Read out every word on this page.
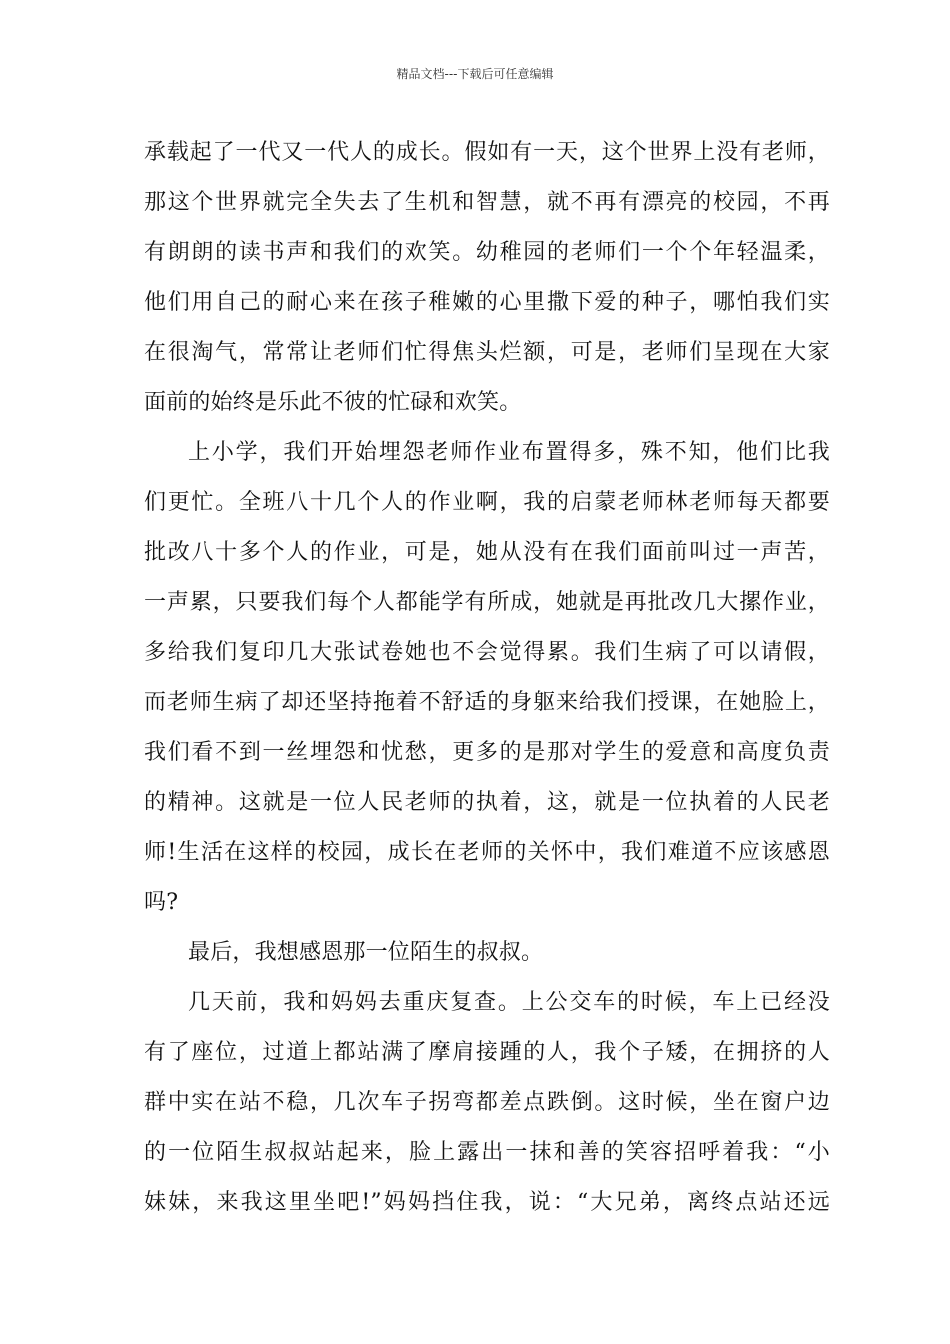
精品文档---下载后可任意编辑
承载起了一代又一代人的成长。假如有一天，这个世界上没有老师，
那这个世界就完全失去了生机和智慧，就不再有漂亮的校园，不再
有朗朗的读书声和我们的欢笑。幼稚园的老师们一个个年轻温柔，
他们用自己的耐心来在孩子稚嫩的心里撒下爱的种子，哪怕我们实
在很淘气，常常让老师们忙得焦头烂额，可是，老师们呈现在大家
面前的始终是乐此不彼的忙碌和欢笑。
上小学，我们开始埋怨老师作业布置得多，殊不知，他们比我
们更忙。全班八十几个人的作业啊，我的启蒙老师林老师每天都要
批改八十多个人的作业，可是，她从没有在我们面前叫过一声苦，
一声累，只要我们每个人都能学有所成，她就是再批改几大摞作业，
多给我们复印几大张试卷她也不会觉得累。我们生病了可以请假，
而老师生病了却还坚持拖着不舒适的身躯来给我们授课，在她脸上，
我们看不到一丝埋怨和忧愁，更多的是那对学生的爱意和高度负责
的精神。这就是一位人民老师的执着，这，就是一位执着的人民老
师!生活在这样的校园，成长在老师的关怀中，我们难道不应该感恩
吗?
最后，我想感恩那一位陌生的叔叔。
几天前，我和妈妈去重庆复查。上公交车的时候，车上已经没
有了座位，过道上都站满了摩肩接踵的人，我个子矮，在拥挤的人
群中实在站不稳，几次车子拐弯都差点跌倒。这时候，坐在窗户边
的一位陌生叔叔站起来，脸上露出一抹和善的笑容招呼着我：“小
妹妹，来我这里坐吧!”妈妈挡住我，说：“大兄弟，离终点站还远
